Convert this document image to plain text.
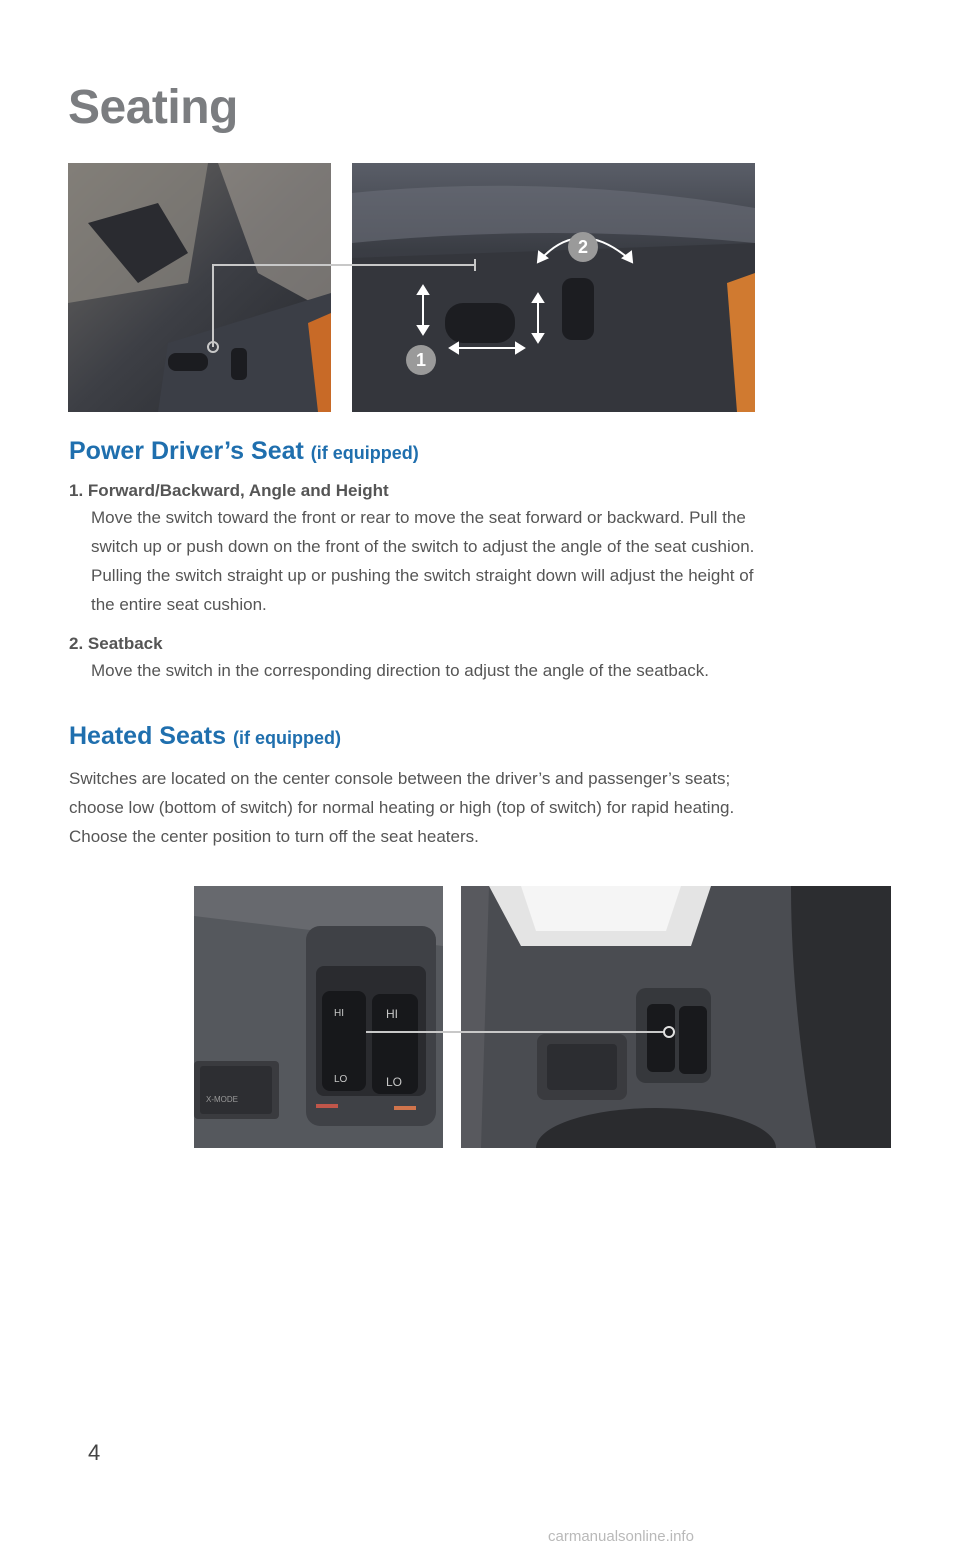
Seating
1
2
Power Driver’s Seat (if equipped)
1. Forward/Backward, Angle and Height
Move the switch toward the front or rear to move the seat forward or backward. Pull the
switch up or push down on the front of the switch to adjust the angle of the seat cushion.
Pulling the switch straight up or pushing the switch straight down will adjust the height of
the entire seat cushion.
2. Seatback
Move the switch in the corresponding direction to adjust the angle of the seatback.
Heated Seats (if equipped)
Switches are located on the center console between the driver’s and passenger’s seats;
choose low (bottom of switch) for normal heating or high (top of switch) for rapid heating.
Choose the center position to turn off the seat heaters.
X-MODE
HI
LO
HI
LO
4
carmanualsonline.info
